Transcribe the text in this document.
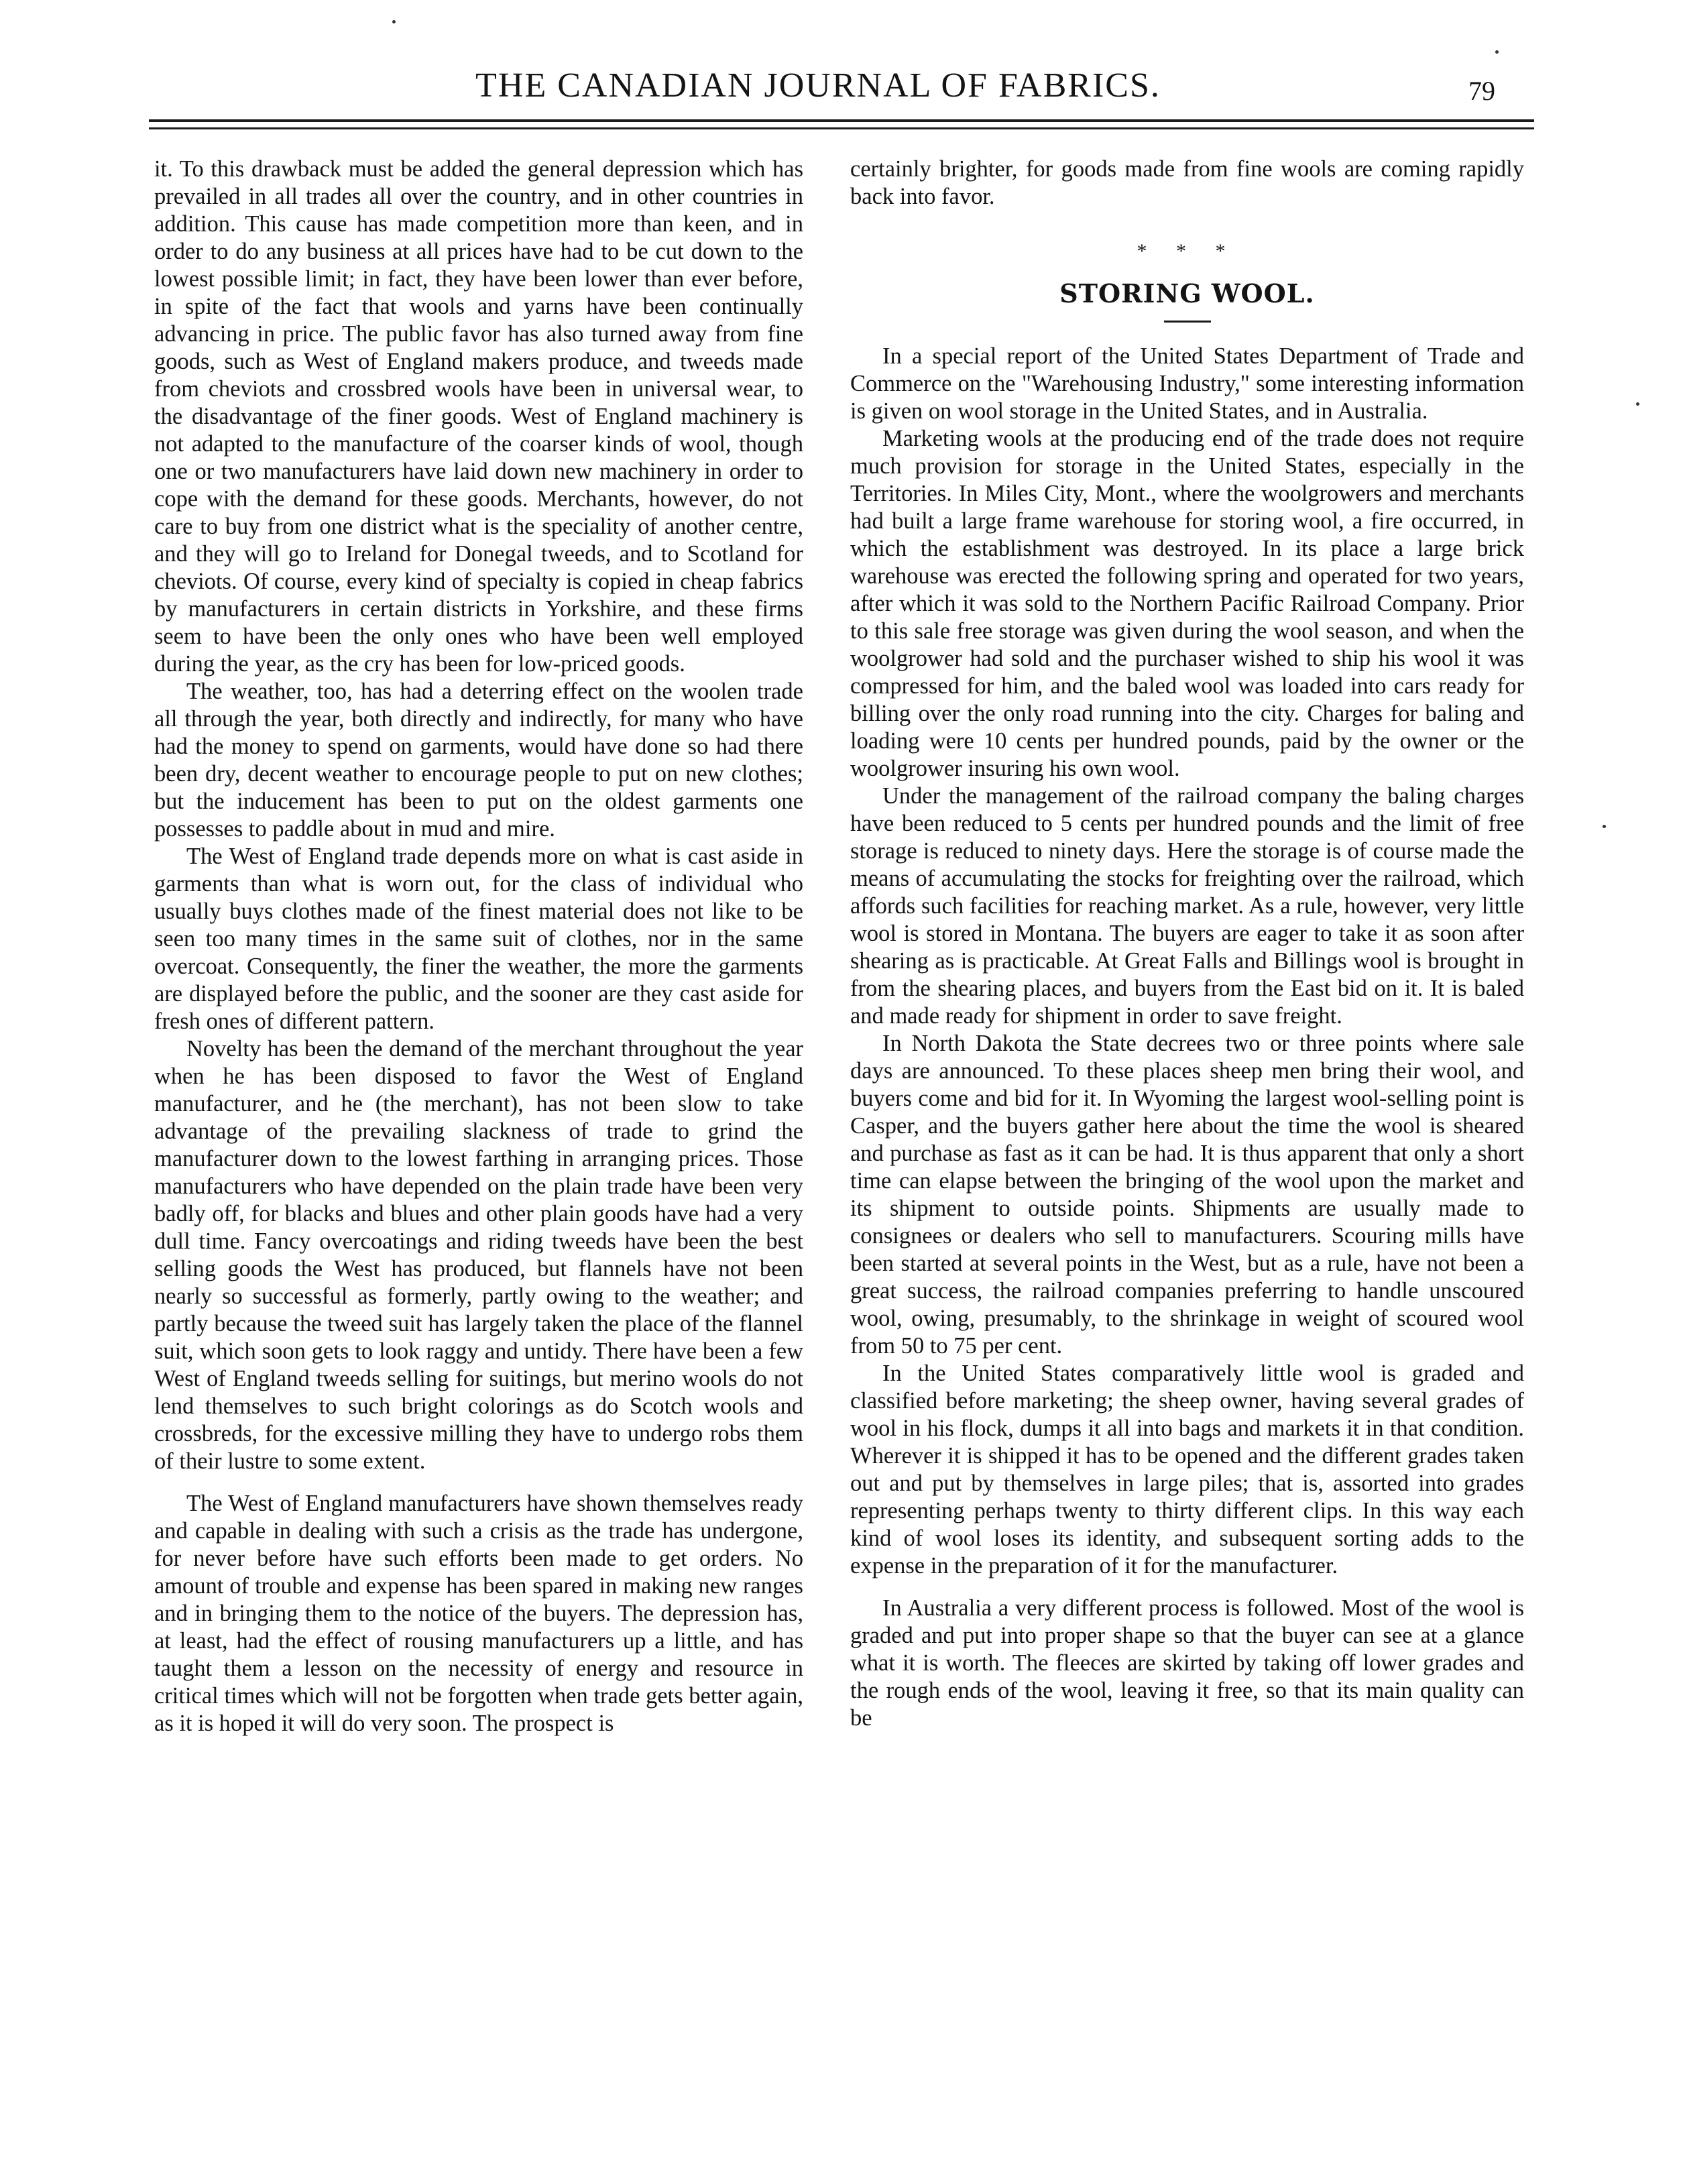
THE CANADIAN JOURNAL OF FABRICS.	79

it. To this drawback must be added the general depression which has prevailed in all trades all over the country, and in other countries in addition. This cause has made competition more than keen, and in order to do any business at all prices have had to be cut down to the lowest possible limit; in fact, they have been lower than ever before, in spite of the fact that wools and yarns have been continually advancing in price. The public favor has also turned away from fine goods, such as West of England makers produce, and tweeds made from cheviots and crossbred wools have been in universal wear, to the disadvantage of the finer goods. West of England machinery is not adapted to the manufacture of the coarser kinds of wool, though one or two manufacturers have laid down new machinery in order to cope with the demand for these goods. Merchants, however, do not care to buy from one district what is the speciality of another centre, and they will go to Ireland for Donegal tweeds, and to Scotland for cheviots. Of course, every kind of specialty is copied in cheap fabrics by manufacturers in certain districts in Yorkshire, and these firms seem to have been the only ones who have been well employed during the year, as the cry has been for low-priced goods.

The weather, too, has had a deterring effect on the woolen trade all through the year, both directly and indirectly, for many who have had the money to spend on garments, would have done so had there been dry, decent weather to encourage people to put on new clothes; but the inducement has been to put on the oldest garments one possesses to paddle about in mud and mire.

The West of England trade depends more on what is cast aside in garments than what is worn out, for the class of individual who usually buys clothes made of the finest material does not like to be seen too many times in the same suit of clothes, nor in the same overcoat. Consequently, the finer the weather, the more the garments are displayed before the public, and the sooner are they cast aside for fresh ones of different pattern.

Novelty has been the demand of the merchant throughout the year when he has been disposed to favor the West of England manufacturer, and he (the merchant), has not been slow to take advantage of the prevailing slackness of trade to grind the manufacturer down to the lowest farthing in arranging prices. Those manufacturers who have depended on the plain trade have been very badly off, for blacks and blues and other plain goods have had a very dull time. Fancy overcoatings and riding tweeds have been the best selling goods the West has produced, but flannels have not been nearly so successful as formerly, partly owing to the weather; and partly because the tweed suit has largely taken the place of the flannel suit, which soon gets to look raggy and untidy. There have been a few West of England tweeds selling for suitings, but merino wools do not lend themselves to such bright colorings as do Scotch wools and crossbreds, for the excessive milling they have to undergo robs them of their lustre to some extent.

The West of England manufacturers have shown themselves ready and capable in dealing with such a crisis as the trade has undergone, for never before have such efforts been made to get orders. No amount of trouble and expense has been spared in making new ranges and in bringing them to the notice of the buyers. The depression has, at least, had the effect of rousing manufacturers up a little, and has taught them a lesson on the necessity of energy and resource in critical times which will not be forgotten when trade gets better again, as it is hoped it will do very soon. The prospect is

certainly brighter, for goods made from fine wools are coming rapidly back into favor.

* * *
STORING WOOL.

In a special report of the United States Department of Trade and Commerce on the "Warehousing Industry," some interesting information is given on wool storage in the United States, and in Australia.

Marketing wools at the producing end of the trade does not require much provision for storage in the United States, especially in the Territories. In Miles City, Mont., where the woolgrowers and merchants had built a large frame warehouse for storing wool, a fire occurred, in which the establishment was destroyed. In its place a large brick warehouse was erected the following spring and operated for two years, after which it was sold to the Northern Pacific Railroad Company. Prior to this sale free storage was given during the wool season, and when the woolgrower had sold and the purchaser wished to ship his wool it was compressed for him, and the baled wool was loaded into cars ready for billing over the only road running into the city. Charges for baling and loading were 10 cents per hundred pounds, paid by the owner or the woolgrower insuring his own wool.

Under the management of the railroad company the baling charges have been reduced to 5 cents per hundred pounds and the limit of free storage is reduced to ninety days. Here the storage is of course made the means of accumulating the stocks for freighting over the railroad, which affords such facilities for reaching market. As a rule, however, very little wool is stored in Montana. The buyers are eager to take it as soon after shearing as is practicable. At Great Falls and Billings wool is brought in from the shearing places, and buyers from the East bid on it. It is baled and made ready for shipment in order to save freight.

In North Dakota the State decrees two or three points where sale days are announced. To these places sheep men bring their wool, and buyers come and bid for it. In Wyoming the largest wool-selling point is Casper, and the buyers gather here about the time the wool is sheared and purchase as fast as it can be had. It is thus apparent that only a short time can elapse between the bringing of the wool upon the market and its shipment to outside points. Shipments are usually made to consignees or dealers who sell to manufacturers. Scouring mills have been started at several points in the West, but as a rule, have not been a great success, the railroad companies preferring to handle unscoured wool, owing, presumably, to the shrinkage in weight of scoured wool from 50 to 75 per cent.

In the United States comparatively little wool is graded and classified before marketing; the sheep owner, having several grades of wool in his flock, dumps it all into bags and markets it in that condition. Wherever it is shipped it has to be opened and the different grades taken out and put by themselves in large piles; that is, assorted into grades representing perhaps twenty to thirty different clips. In this way each kind of wool loses its identity, and subsequent sorting adds to the expense in the preparation of it for the manufacturer.

In Australia a very different process is followed. Most of the wool is graded and put into proper shape so that the buyer can see at a glance what it is worth. The fleeces are skirted by taking off lower grades and the rough ends of the wool, leaving it free, so that its main quality can be
